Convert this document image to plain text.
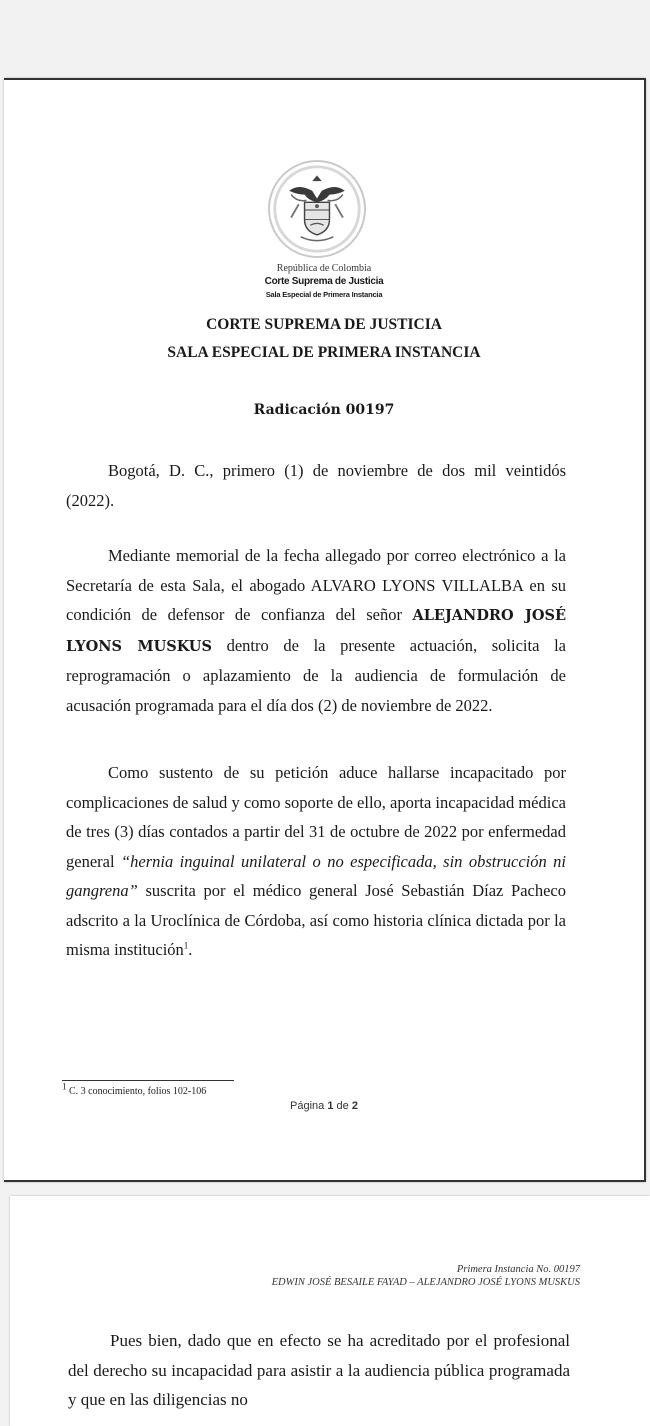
República de Colombia
Corte Suprema de Justicia
Sala Especial de Primera Instancia
CORTE SUPREMA DE JUSTICIA
SALA ESPECIAL DE PRIMERA INSTANCIA
Radicación 00197

Bogotá, D. C., primero (1) de noviembre de dos mil veintidós (2022).

Mediante memorial de la fecha allegado por correo electrónico a la Secretaría de esta Sala, el abogado ALVARO LYONS VILLALBA en su condición de defensor de confianza del señor ALEJANDRO JOSÉ LYONS MUSKUS dentro de la presente actuación, solicita la reprogramación o aplazamiento de la audiencia de formulación de acusación programada para el día dos (2) de noviembre de 2022.

Como sustento de su petición aduce hallarse incapacitado por complicaciones de salud y como soporte de ello, aporta incapacidad médica de tres (3) días contados a partir del 31 de octubre de 2022 por enfermedad general “hernia inguinal unilateral o no especificada, sin obstrucción ni gangrena” suscrita por el médico general José Sebastián Díaz Pacheco adscrito a la Uroclínica de Córdoba, así como historia clínica dictada por la misma institución$^1$.

$^1$ C. 3 conocimiento, folios 102-106
Página 1 de 2
Primera Instancia No. 00197
EDWIN JOSÉ BESAILE FAYAD – ALEJANDRO JOSÉ LYONS MUSKUS

Pues bien, dado que en efecto se ha acreditado por el profesional del derecho su incapacidad para asistir a la audiencia pública programada y que en las diligencias no
